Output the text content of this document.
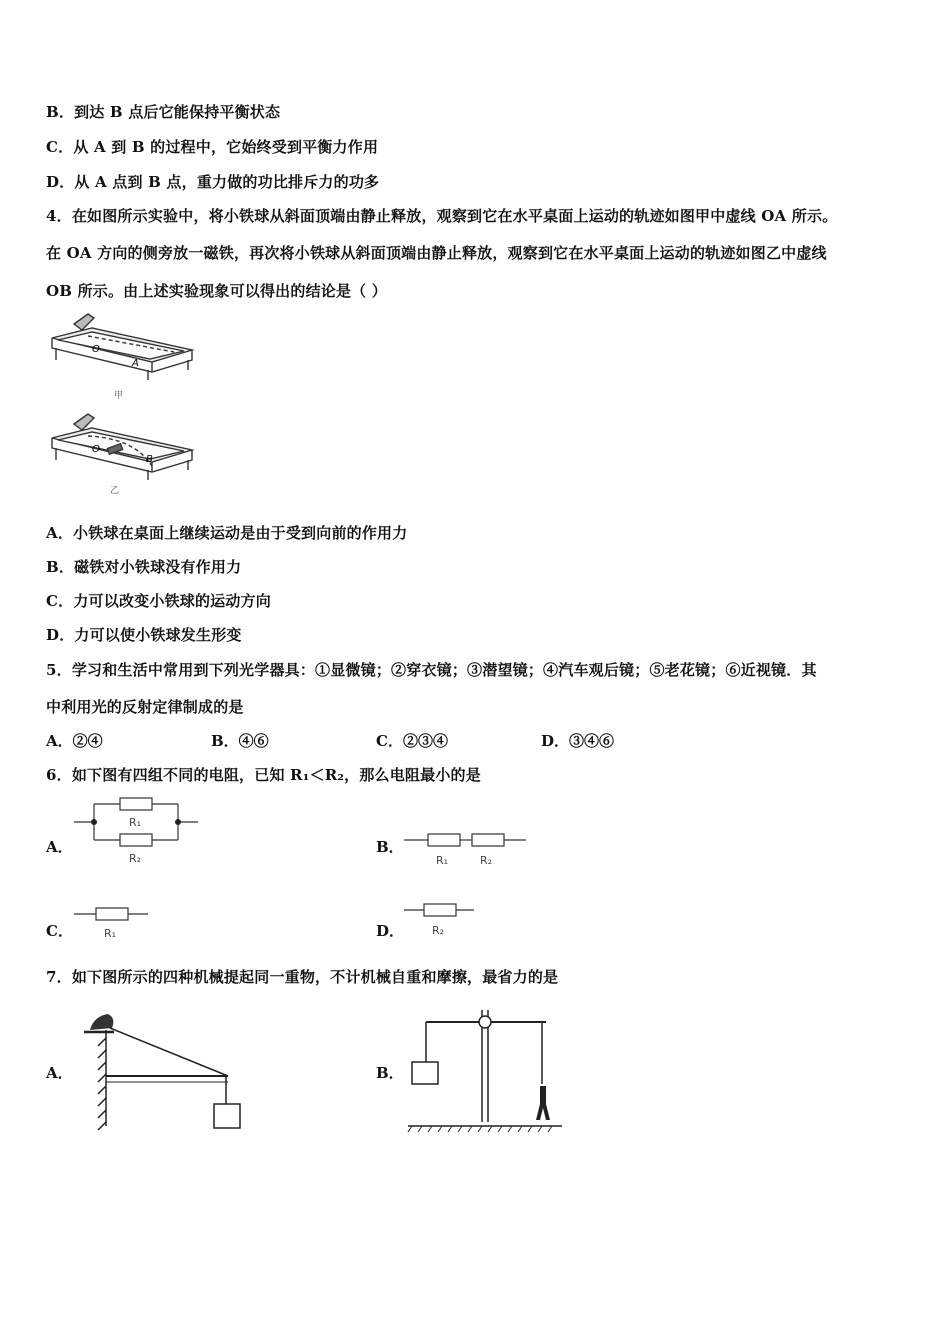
B．到达 B 点后它能保持平衡状态
C．从 A 到 B 的过程中，它始终受到平衡力作用
D．从 A 点到 B 点，重力做的功比排斥力的功多
4．在如图所示实验中，将小铁球从斜面顶端由静止释放，观察到它在水平桌面上运动的轨迹如图甲中虚线 OA 所示。
在 OA 方向的侧旁放一磁铁，再次将小铁球从斜面顶端由静止释放，观察到它在水平桌面上运动的轨迹如图乙中虚线
OB 所示。由上述实验现象可以得出的结论是（ ）
O
A
甲
O
B
乙
A．小铁球在桌面上继续运动是由于受到向前的作用力
B．磁铁对小铁球没有作用力
C．力可以改变小铁球的运动方向
D．力可以使小铁球发生形变
5．学习和生活中常用到下列光学器具：①显微镜；②穿衣镜；③潜望镜；④汽车观后镜；⑤老花镜；⑥近视镜．其
中利用光的反射定律制成的是
A．②④	B．④⑥	C．②③④	D．③④⑥
6．如下图有四组不同的电阻，已知 R₁＜R₂，那么电阻最小的是
A．
R₁
R₂
B．
R₁	R₂
C．	R₁	D．	R₂
7．如下图所示的四种机械提起同一重物，不计机械自重和摩擦，最省力的是
A．	B．
